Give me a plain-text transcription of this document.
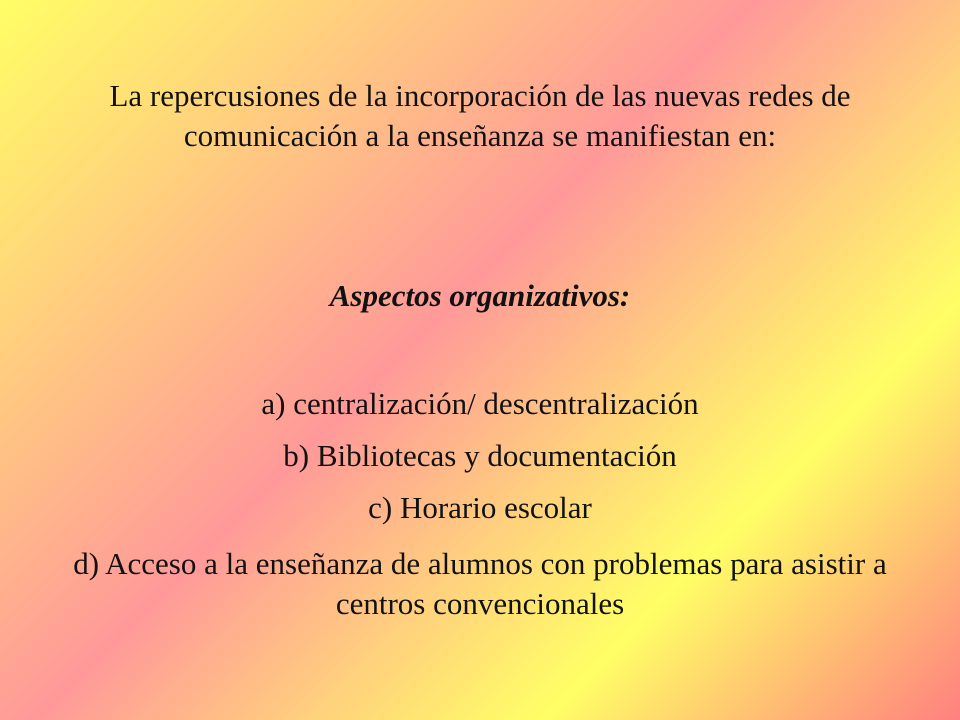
La repercusiones de la incorporación de las nuevas redes de comunicación a la enseñanza se manifiestan en:
Aspectos organizativos:
a) centralización/ descentralización
b) Bibliotecas y documentación
c) Horario escolar
d) Acceso a la enseñanza de alumnos con problemas para asistir a centros convencionales
